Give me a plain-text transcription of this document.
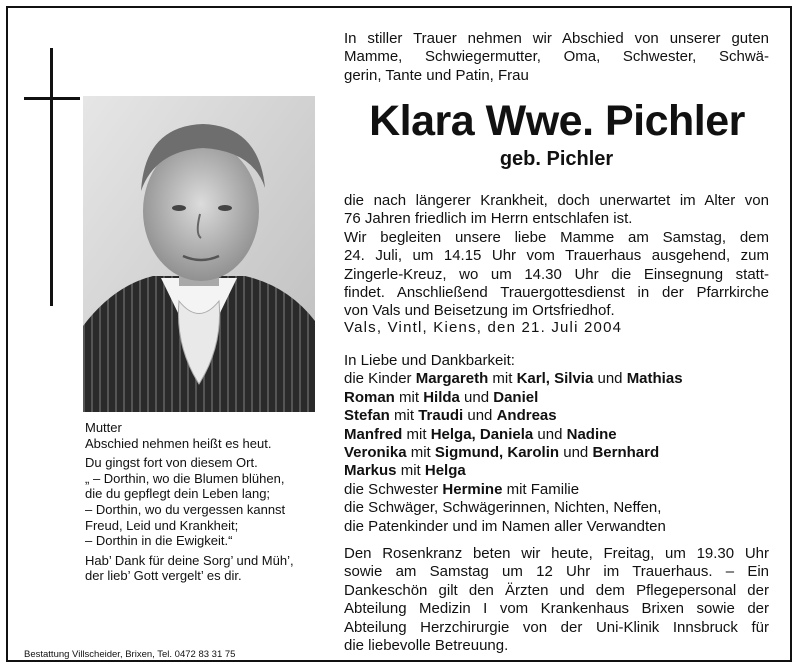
In stiller Trauer nehmen wir Abschied von unserer guten
Mamme, Schwiegermutter, Oma, Schwester, Schwä-
gerin, Tante und Patin, Frau
Klara Wwe. Pichler
geb. Pichler
die nach längerer Krankheit, doch unerwartet im Alter von
76 Jahren friedlich im Herrn entschlafen ist.
Wir begleiten unsere liebe Mamme am Samstag, dem
24. Juli, um 14.15 Uhr vom Trauerhaus ausgehend, zum
Zingerle-Kreuz, wo um 14.30 Uhr die Einsegnung statt-
findet. Anschließend Trauergottesdienst in der Pfarrkirche
von Vals und Beisetzung im Ortsfriedhof.
Vals, Vintl, Kiens, den 21. Juli 2004
In Liebe und Dankbarkeit:
die Kinder Margareth mit Karl, Silvia und Mathias
Roman mit Hilda und Daniel
Stefan mit Traudi und Andreas
Manfred mit Helga, Daniela und Nadine
Veronika mit Sigmund, Karolin und Bernhard
Markus mit Helga
die Schwester Hermine mit Familie
die Schwäger, Schwägerinnen, Nichten, Neffen,
die Patenkinder und im Namen aller Verwandten
Den Rosenkranz beten wir heute, Freitag, um 19.30 Uhr
sowie am Samstag um 12 Uhr im Trauerhaus. – Ein
Dankeschön gilt den Ärzten und dem Pflegepersonal der
Abteilung Medizin I vom Krankenhaus Brixen sowie der
Abteilung Herzchirurgie von der Uni-Klinik Innsbruck für
die liebevolle Betreuung.

Mutter
Abschied nehmen heißt es heut.

Du gingst fort von diesem Ort.
„ – Dorthin, wo die Blumen blühen,
die du gepflegt dein Leben lang;
– Dorthin, wo du vergessen kannst
Freud, Leid und Krankheit;
– Dorthin in die Ewigkeit.“

Hab’ Dank für deine Sorg’ und Müh’,
der lieb’ Gott vergelt’ es dir.

Bestattung Villscheider, Brixen, Tel. 0472 83 31 75
